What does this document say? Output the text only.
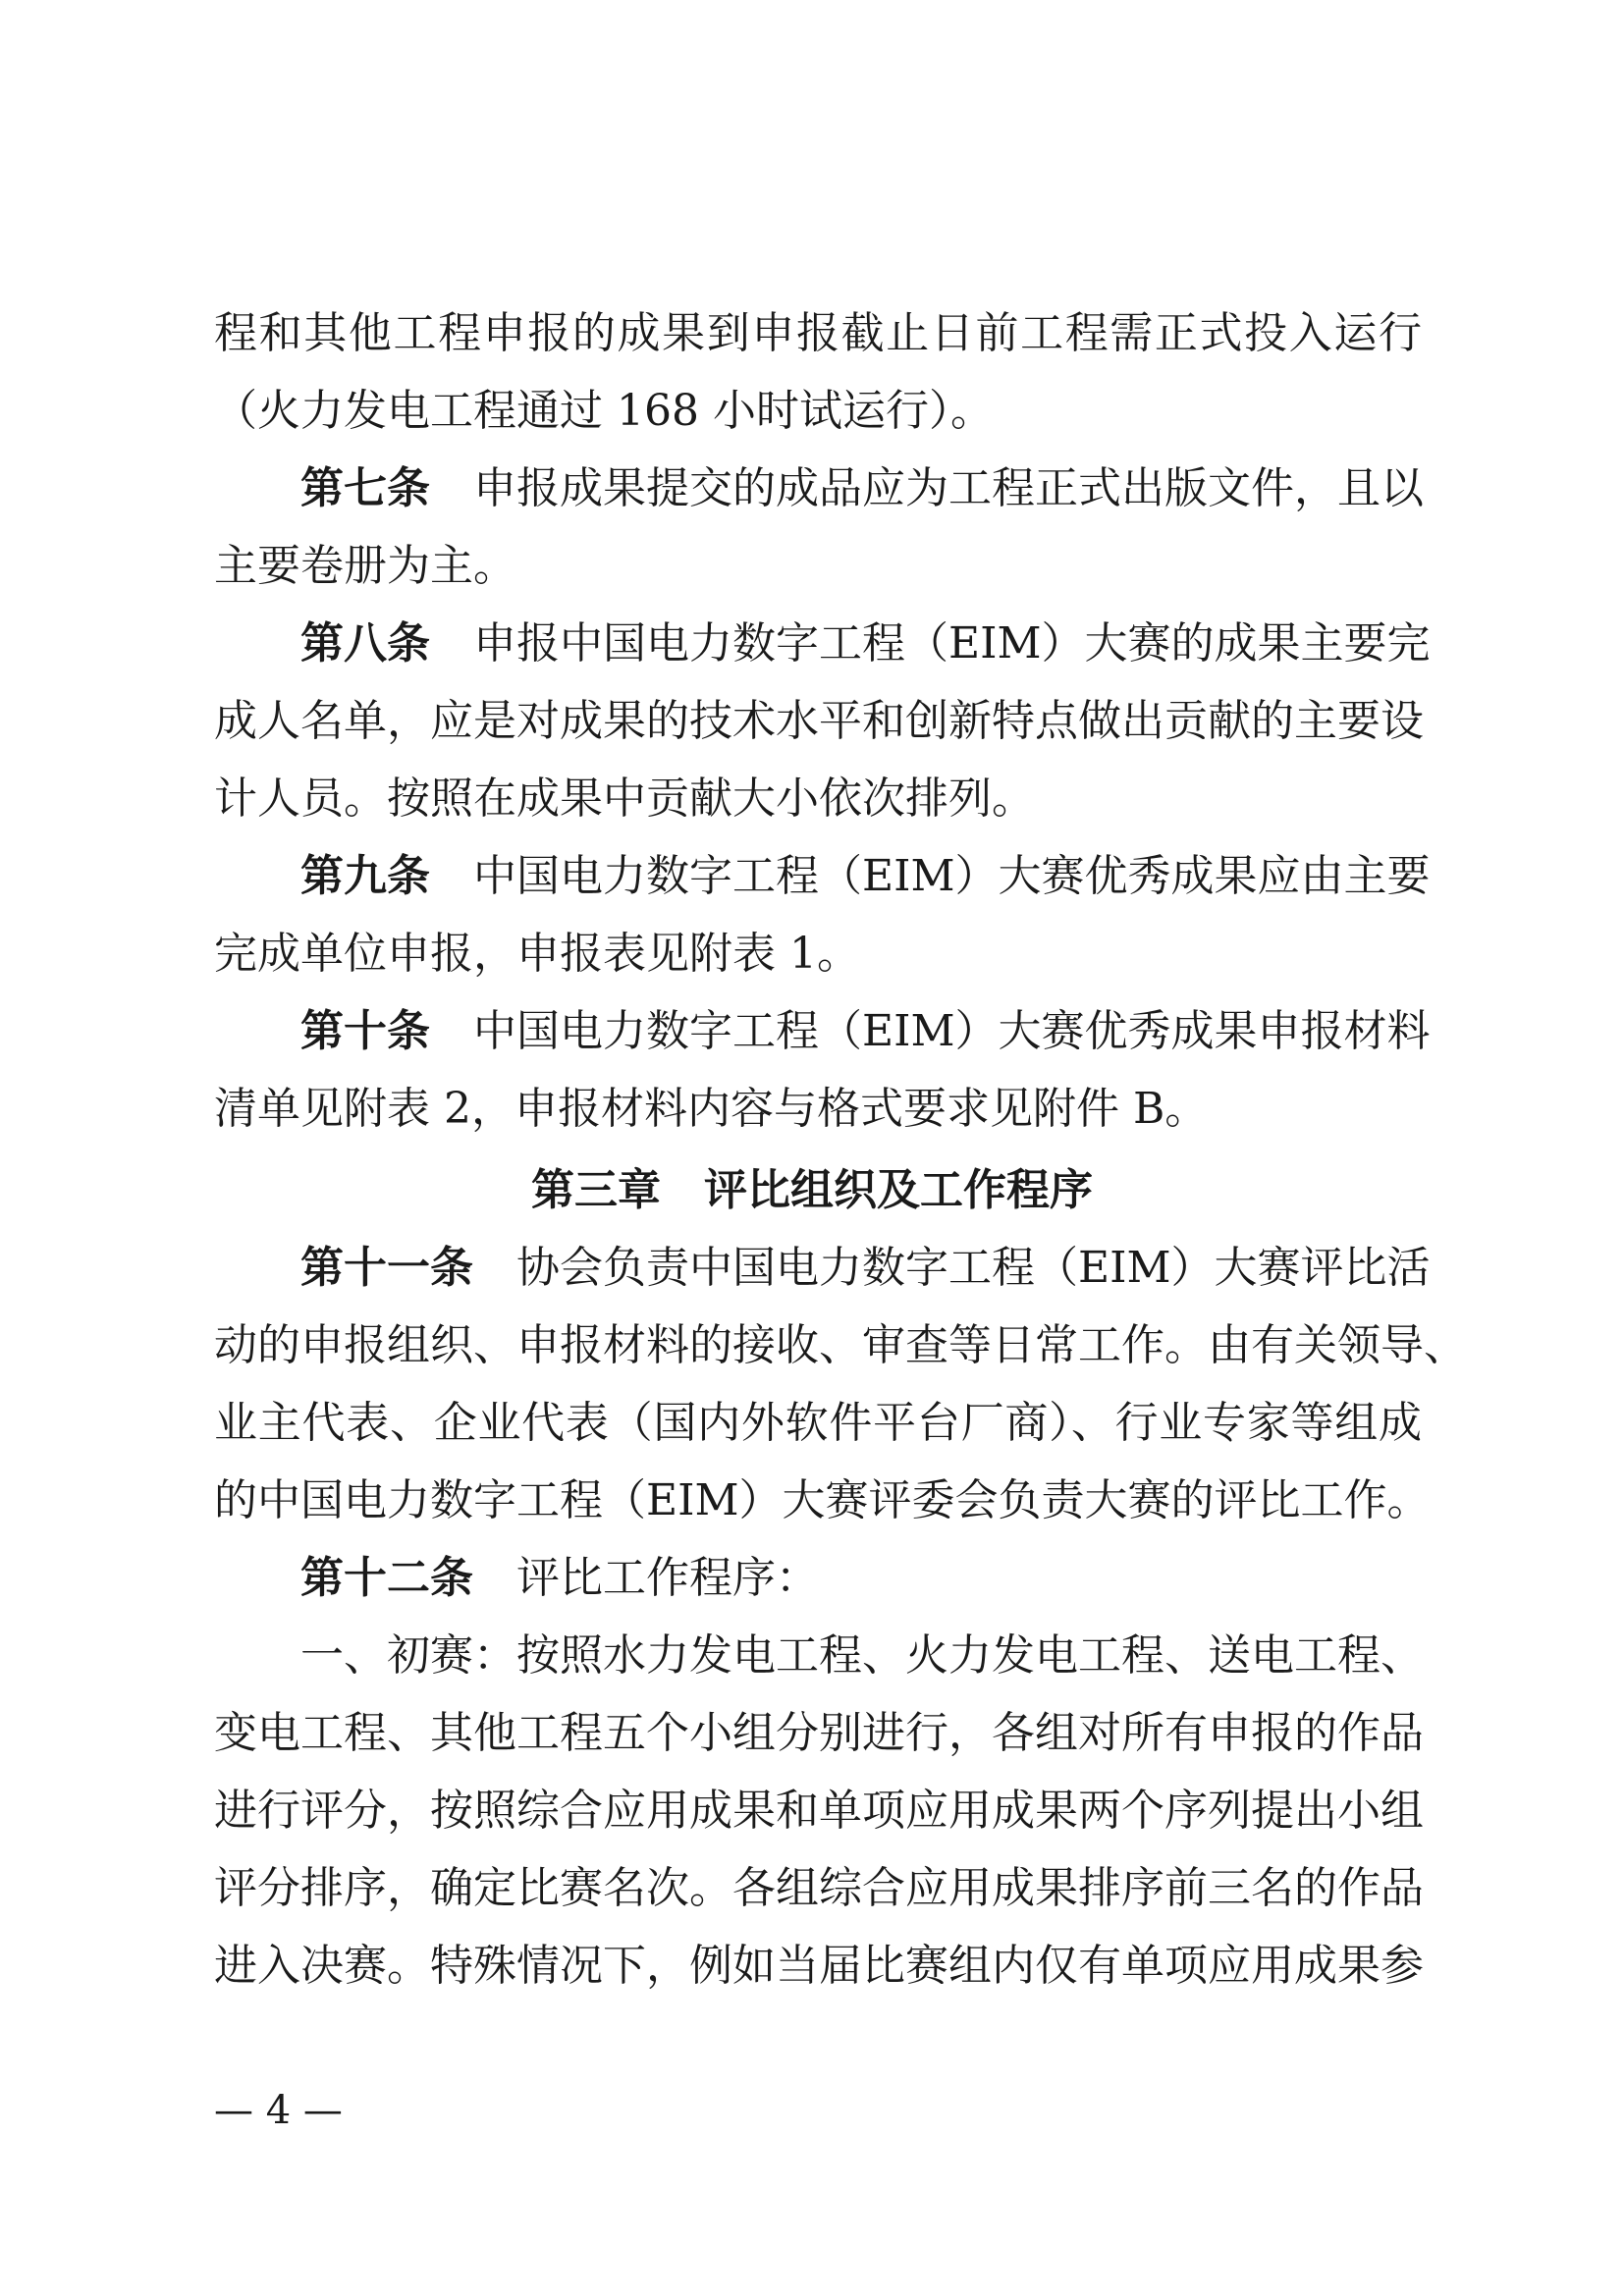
程和其他工程申报的成果到申报截止日前工程需正式投入运行
（火力发电工程通过 168 小时试运行）。
第七条 申报成果提交的成品应为工程正式出版文件，且以
主要卷册为主。
第八条 申报中国电力数字工程（EIM）大赛的成果主要完
成人名单，应是对成果的技术水平和创新特点做出贡献的主要设
计人员。按照在成果中贡献大小依次排列。
第九条 中国电力数字工程（EIM）大赛优秀成果应由主要
完成单位申报，申报表见附表 1。
第十条 中国电力数字工程（EIM）大赛优秀成果申报材料
清单见附表 2，申报材料内容与格式要求见附件 B。
第三章 评比组织及工作程序
第十一条 协会负责中国电力数字工程（EIM）大赛评比活
动的申报组织、申报材料的接收、审查等日常工作。由有关领导、
业主代表、企业代表（国内外软件平台厂商）、行业专家等组成
的中国电力数字工程（EIM）大赛评委会负责大赛的评比工作。
第十二条 评比工作程序：
一、初赛：按照水力发电工程、火力发电工程、送电工程、
变电工程、其他工程五个小组分别进行，各组对所有申报的作品
进行评分，按照综合应用成果和单项应用成果两个序列提出小组
评分排序，确定比赛名次。各组综合应用成果排序前三名的作品
进入决赛。特殊情况下，例如当届比赛组内仅有单项应用成果参
— 4 —
